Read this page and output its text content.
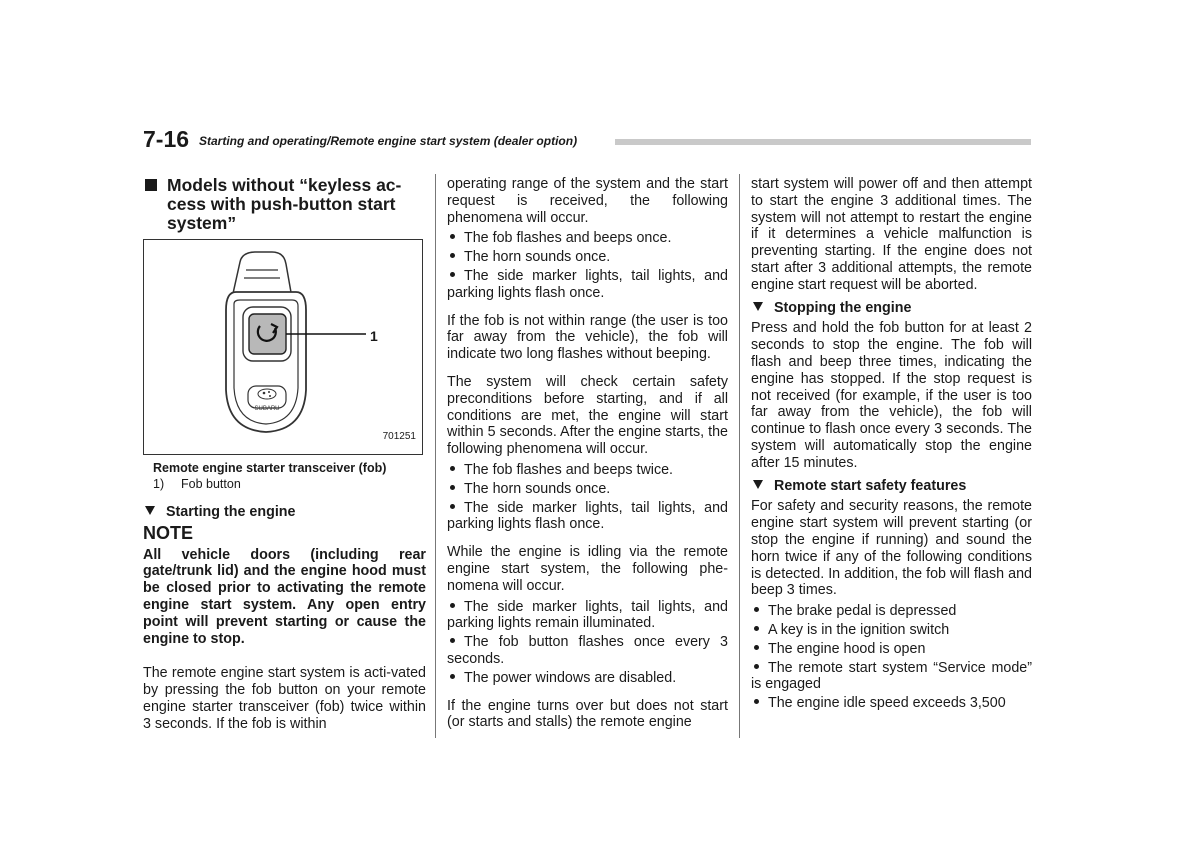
7-16 Starting and operating/Remote engine start system (dealer option)
Models without “keyless ac-cess with push-button start system”
SUBARU
1
701251
Remote engine starter transceiver (fob)
1) Fob button
Starting the engine
NOTE
All vehicle doors (including rear gate/trunk lid) and the engine hood must be closed prior to activating the remote engine start system. Any open entry point will prevent starting or cause the engine to stop.

The remote engine start system is acti-vated by pressing the fob button on your remote engine starter transceiver (fob) twice within 3 seconds. If the fob is within

operating range of the system and the start request is received, the following phenomena will occur.

The fob flashes and beeps once.
The horn sounds once.
The side marker lights, tail lights, and parking lights flash once.

If the fob is not within range (the user is too far away from the vehicle), the fob will indicate two long flashes without beeping.

The system will check certain safety preconditions before starting, and if all conditions are met, the engine will start within 5 seconds. After the engine starts, the following phenomena will occur.

The fob flashes and beeps twice.
The horn sounds once.
The side marker lights, tail lights, and parking lights flash once.

While the engine is idling via the remote engine start system, the following phe-nomena will occur.

The side marker lights, tail lights, and parking lights remain illuminated.
The fob button flashes once every 3 seconds.
The power windows are disabled.

If the engine turns over but does not start (or starts and stalls) the remote engine

start system will power off and then attempt to start the engine 3 additional times. The system will not attempt to restart the engine if it determines a vehicle malfunction is preventing starting. If the engine does not start after 3 additional attempts, the remote engine start request will be aborted.

Stopping the engine

Press and hold the fob button for at least 2 seconds to stop the engine. The fob will flash and beep three times, indicating the engine has stopped. If the stop request is not received (for example, if the user is too far away from the vehicle), the fob will continue to flash once every 3 seconds. The system will automatically stop the engine after 15 minutes.

Remote start safety features

For safety and security reasons, the remote engine start system will prevent starting (or stop the engine if running) and sound the horn twice if any of the following conditions is detected. In addition, the fob will flash and beep 3 times.

The brake pedal is depressed
A key is in the ignition switch
The engine hood is open
The remote start system “Service mode” is engaged
The engine idle speed exceeds 3,500
